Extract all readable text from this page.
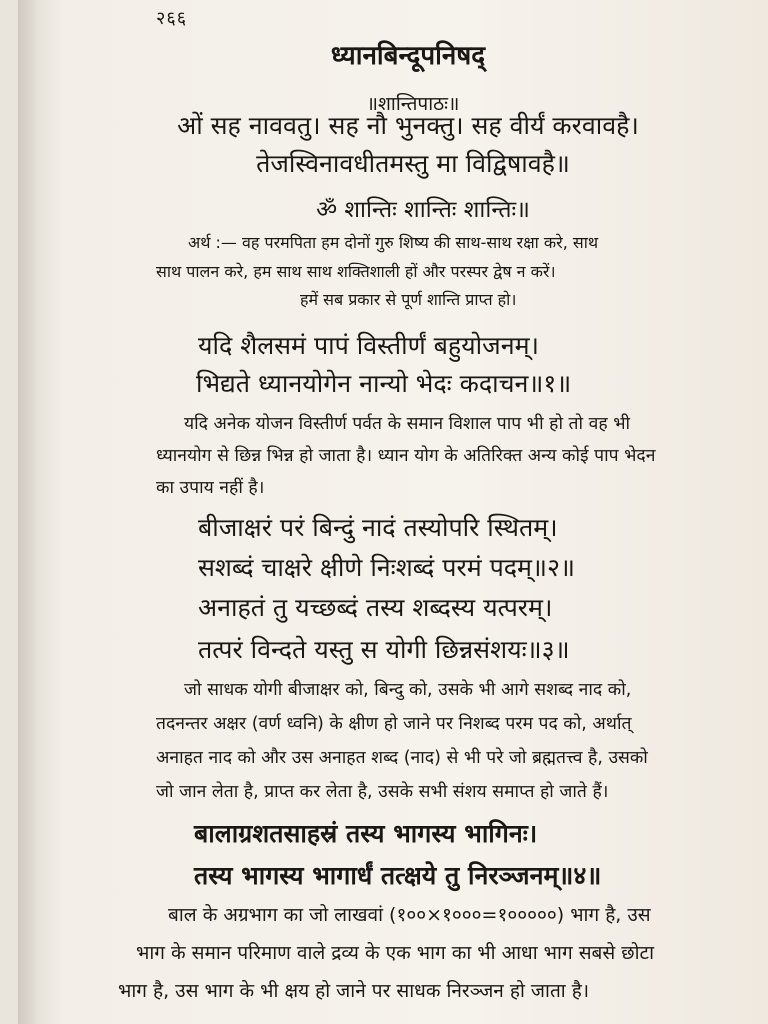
२६६
ध्यानबिन्दूपनिषद्
॥शान्तिपाठः॥
ओं सह नाववतु। सह नौ भुनक्तु। सह वीर्यं करवावहै।
तेजस्विनावधीतमस्तु मा विद्विषावहै॥
ॐ शान्तिः शान्तिः शान्तिः॥
अर्थ :— वह परमपिता हम दोनों गुरु शिष्य की साथ-साथ रक्षा करे, साथ
साथ पालन करे, हम साथ साथ शक्तिशाली हों और परस्पर द्वेष न करें।
हमें सब प्रकार से पूर्ण शान्ति प्राप्त हो।
यदि शैलसमं पापं विस्तीर्णं बहुयोजनम्।
भिद्यते ध्यानयोगेन नान्यो भेदः कदाचन॥१॥
यदि अनेक योजन विस्तीर्ण पर्वत के समान विशाल पाप भी हो तो वह भी
ध्यानयोग से छिन्न भिन्न हो जाता है। ध्यान योग के अतिरिक्त अन्य कोई पाप भेदन
का उपाय नहीं है।
बीजाक्षरं परं बिन्दुं नादं तस्योपरि स्थितम्।
सशब्दं चाक्षरे क्षीणे निःशब्दं परमं पदम्॥२॥
अनाहतं तु यच्छब्दं तस्य शब्दस्य यत्परम्।
तत्परं विन्दते यस्तु स योगी छिन्नसंशयः॥३॥
जो साधक योगी बीजाक्षर को, बिन्दु को, उसके भी आगे सशब्द नाद को,
तदनन्तर अक्षर (वर्ण ध्वनि) के क्षीण हो जाने पर निशब्द परम पद को, अर्थात्
अनाहत नाद को और उस अनाहत शब्द (नाद) से भी परे जो ब्रह्मतत्त्व है, उसको
जो जान लेता है, प्राप्त कर लेता है, उसके सभी संशय समाप्त हो जाते हैं।
बालाग्रशतसाहस्रं तस्य भागस्य भागिनः।
तस्य भागस्य भागार्धं तत्क्षये तु निरञ्जनम्॥४॥
बाल के अग्रभाग का जो लाखवां (१००×१०००=१०००००) भाग है, उस
भाग के समान परिमाण वाले द्रव्य के एक भाग का भी आधा भाग सबसे छोटा
भाग है, उस भाग के भी क्षय हो जाने पर साधक निरञ्जन हो जाता है।
